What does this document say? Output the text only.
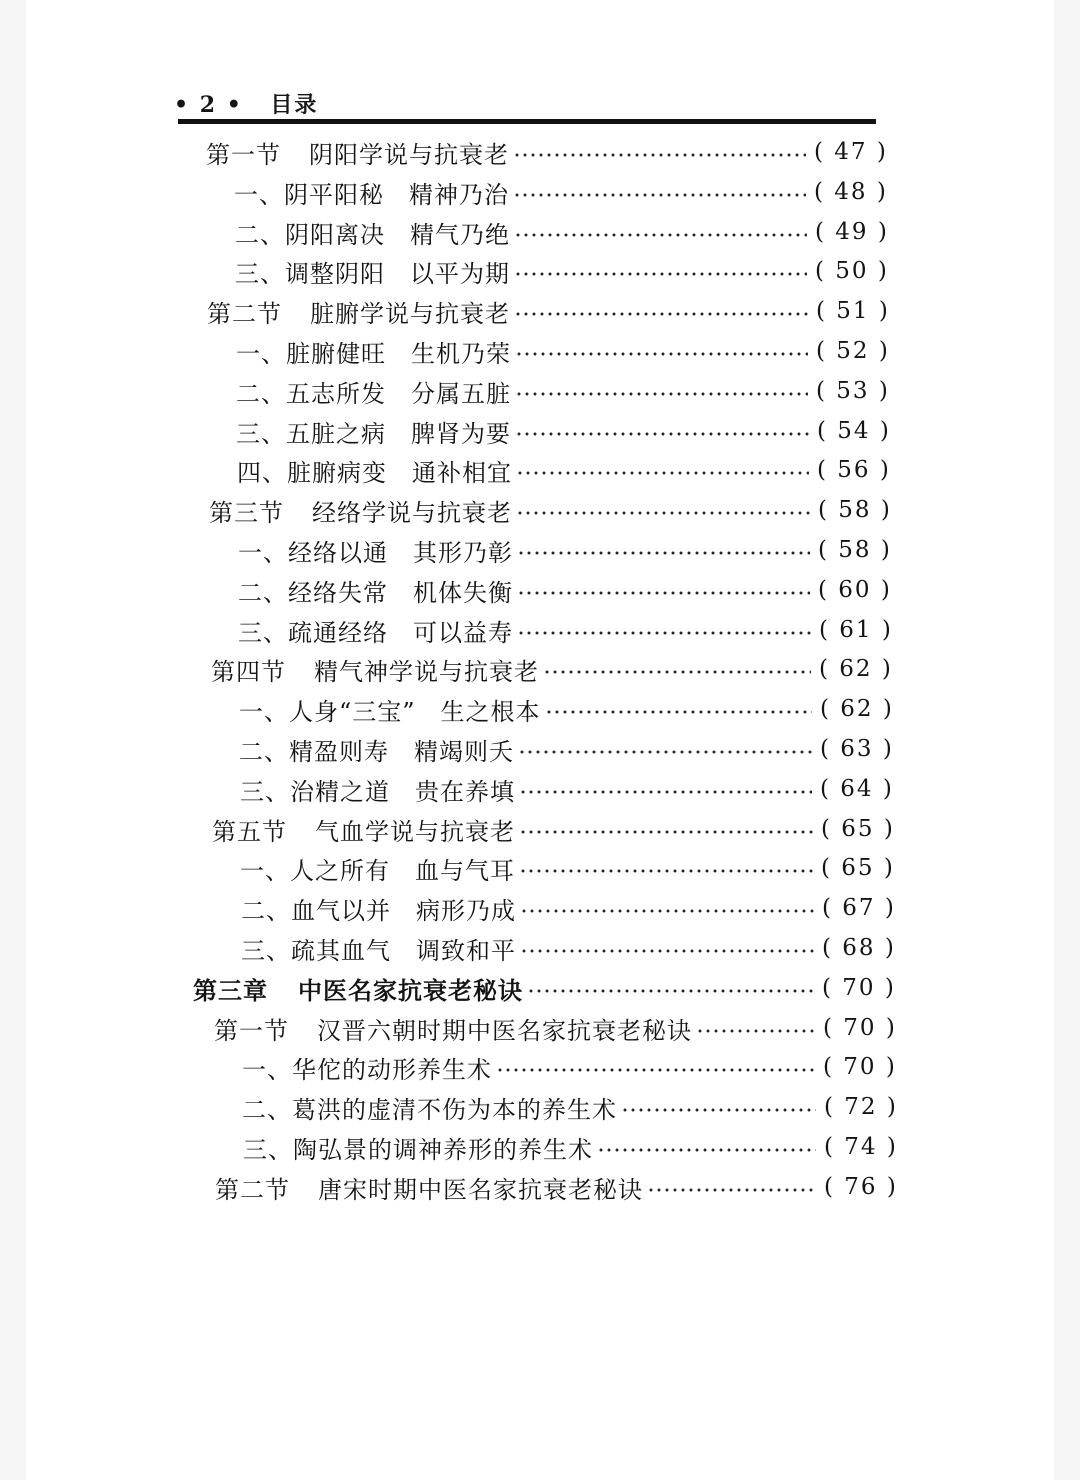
• 2 • 目录
第一节 阴阳学说与抗衰老	( 47 )
一、阴平阳秘　精神乃治	( 48 )
二、阴阳离决　精气乃绝	( 49 )
三、调整阴阳　以平为期	( 50 )
第二节 脏腑学说与抗衰老	( 51 )
一、脏腑健旺　生机乃荣	( 52 )
二、五志所发　分属五脏	( 53 )
三、五脏之病　脾肾为要	( 54 )
四、脏腑病变　通补相宜	( 56 )
第三节 经络学说与抗衰老	( 58 )
一、经络以通　其形乃彰	( 58 )
二、经络失常　机体失衡	( 60 )
三、疏通经络　可以益寿	( 61 )
第四节 精气神学说与抗衰老	( 62 )
一、人身“三宝”　生之根本	( 62 )
二、精盈则寿　精竭则夭	( 63 )
三、治精之道　贵在养填	( 64 )
第五节 气血学说与抗衰老	( 65 )
一、人之所有　血与气耳	( 65 )
二、血气以并　病形乃成	( 67 )
三、疏其血气　调致和平	( 68 )
第三章 中医名家抗衰老秘诀	( 70 )
第一节 汉晋六朝时期中医名家抗衰老秘诀	( 70 )
一、华佗的动形养生术	( 70 )
二、葛洪的虚清不伤为本的养生术	( 72 )
三、陶弘景的调神养形的养生术	( 74 )
第二节 唐宋时期中医名家抗衰老秘诀	( 76 )
